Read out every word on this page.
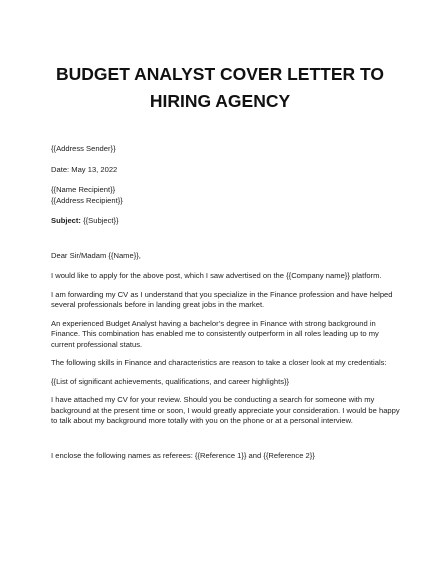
BUDGET ANALYST COVER LETTER TO HIRING AGENCY

{{Address Sender}}

Date: May 13, 2022

{{Name Recipient}}

{{Address Recipient}}

Subject: {{Subject}}

Dear Sir/Madam {{Name}},

I would like to apply for the above post, which I saw advertised on the {{Company name}} platform.

I am forwarding my CV as I understand that you specialize in the Finance profession and have helped several professionals before in landing great jobs in the market.

An experienced Budget Analyst having a bachelor’s degree in Finance with strong background in Finance. This combination has enabled me to consistently outperform in all roles leading up to my current professional status.

The following skills in Finance and characteristics are reason to take a closer look at my credentials:

{{List of significant achievements, qualifications, and career highlights}}

I have attached my CV for your review. Should you be conducting a search for someone with my background at the present time or soon, I would greatly appreciate your consideration. I would be happy to talk about my background more totally with you on the phone or at a personal interview.

I enclose the following names as referees: {{Reference 1}} and {{Reference 2}}
